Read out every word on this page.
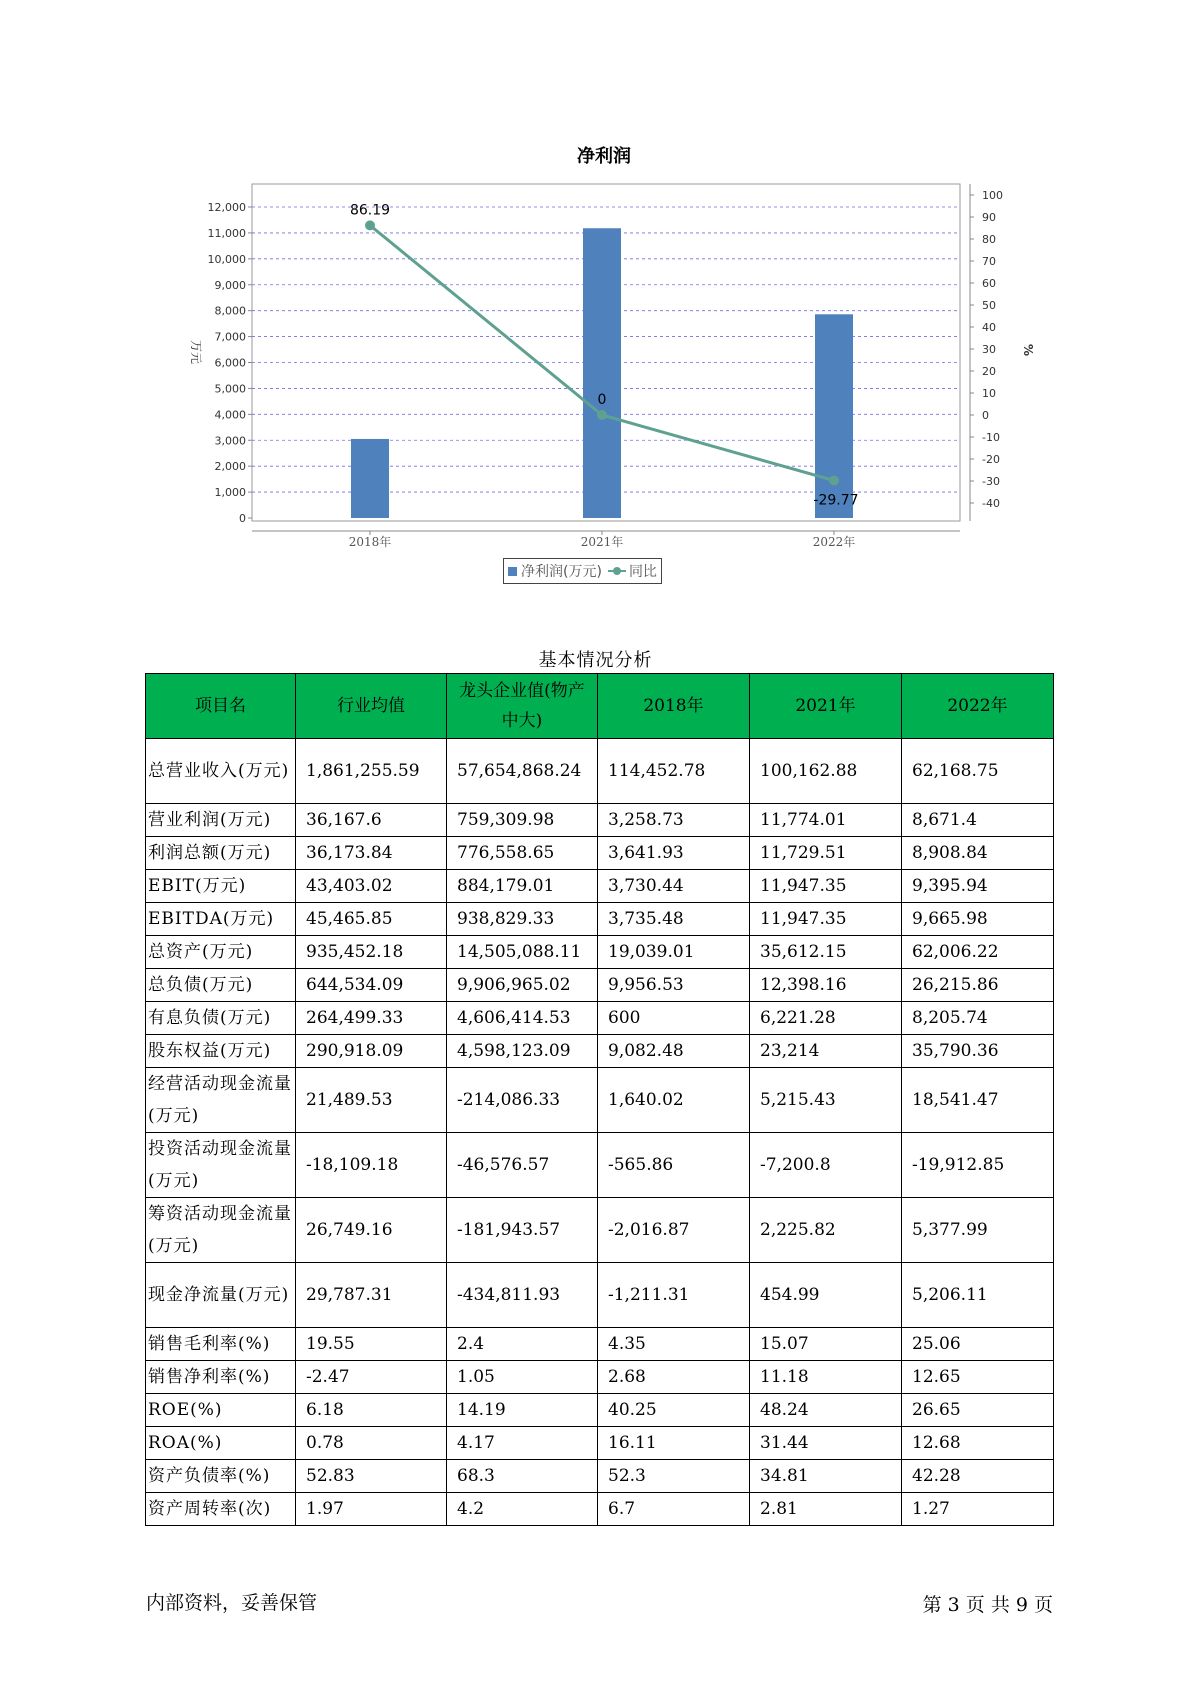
净利润
0
1,000
2,000
3,000
4,000
5,000
6,000
7,000
8,000
9,000
10,000
11,000
12,000
-40
-30
-20
-10
0
10
20
30
40
50
60
70
80
90
100
万元	%
2018年	2021年	2022年
86.19
0
-29.77
净利润(万元) 同比
基本情况分析
项目名	行业均值	龙头企业值(物产中大)	2018年	2021年	2022年
总营业收入(万元)	1,861,255.59	57,654,868.24	114,452.78	100,162.88	62,168.75
营业利润(万元)	36,167.6	759,309.98	3,258.73	11,774.01	8,671.4
利润总额(万元)	36,173.84	776,558.65	3,641.93	11,729.51	8,908.84
EBIT(万元)	43,403.02	884,179.01	3,730.44	11,947.35	9,395.94
EBITDA(万元)	45,465.85	938,829.33	3,735.48	11,947.35	9,665.98
总资产(万元)	935,452.18	14,505,088.11	19,039.01	35,612.15	62,006.22
总负债(万元)	644,534.09	9,906,965.02	9,956.53	12,398.16	26,215.86
有息负债(万元)	264,499.33	4,606,414.53	600	6,221.28	8,205.74
股东权益(万元)	290,918.09	4,598,123.09	9,082.48	23,214	35,790.36
经营活动现金流量(万元)	21,489.53	-214,086.33	1,640.02	5,215.43	18,541.47
投资活动现金流量(万元)	-18,109.18	-46,576.57	-565.86	-7,200.8	-19,912.85
筹资活动现金流量(万元)	26,749.16	-181,943.57	-2,016.87	2,225.82	5,377.99
现金净流量(万元)	29,787.31	-434,811.93	-1,211.31	454.99	5,206.11
销售毛利率(%)	19.55	2.4	4.35	15.07	25.06
销售净利率(%)	-2.47	1.05	2.68	11.18	12.65
ROE(%)	6.18	14.19	40.25	48.24	26.65
ROA(%)	0.78	4.17	16.11	31.44	12.68
资产负债率(%)	52.83	68.3	52.3	34.81	42.28
资产周转率(次)	1.97	4.2	6.7	2.81	1.27
内部资料，妥善保管	第 3 页 共 9 页
